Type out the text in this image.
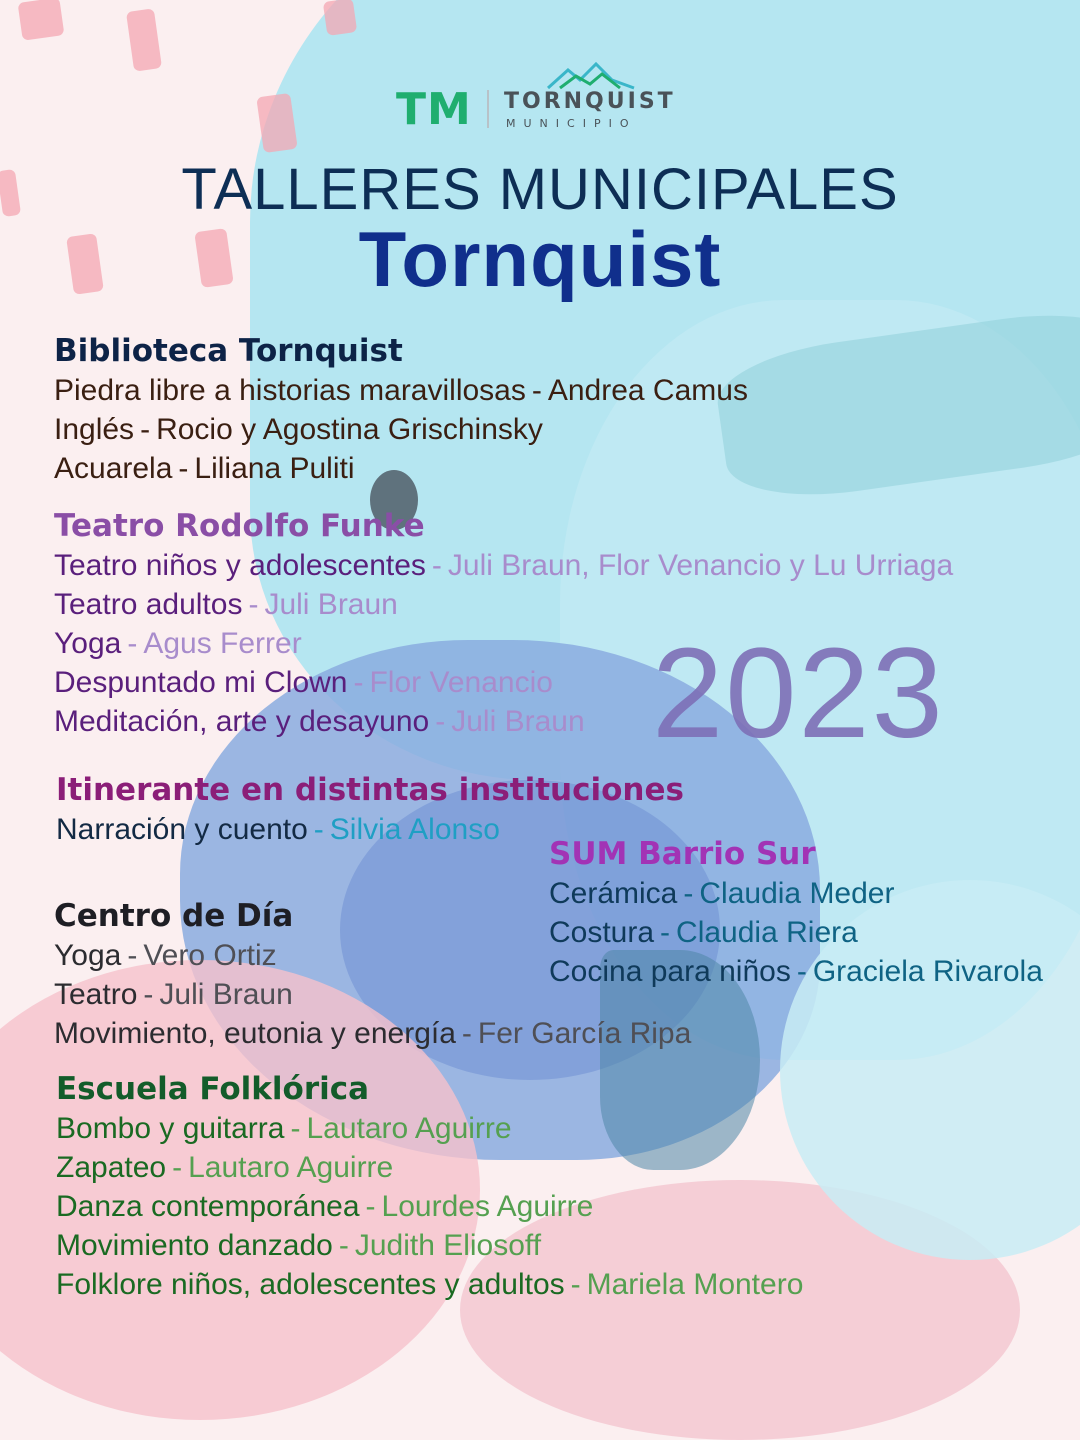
TM TORNQUIST
MUNICIPIO
TALLERES MUNICIPALES
Tornquist
2023
Biblioteca Tornquist
Piedra libre a historias maravillosas - Andrea Camus
Inglés - Rocio y Agostina Grischinsky
Acuarela - Liliana Puliti
Teatro Rodolfo Funke
Teatro niños y adolescentes - Juli Braun, Flor Venancio y Lu Urriaga
Teatro adultos - Juli Braun
Yoga - Agus Ferrer
Despuntado mi Clown - Flor Venancio
Meditación, arte y desayuno - Juli Braun
Itinerante en distintas instituciones
Narración y cuento - Silvia Alonso
SUM Barrio Sur
Cerámica - Claudia Meder
Costura - Claudia Riera
Cocina para niños - Graciela Rivarola
Centro de Día
Yoga - Vero Ortiz
Teatro - Juli Braun
Movimiento, eutonia y energía - Fer García Ripa
Escuela Folklórica
Bombo y guitarra - Lautaro Aguirre
Zapateo - Lautaro Aguirre
Danza contemporánea - Lourdes Aguirre
Movimiento danzado - Judith Eliosoff
Folklore niños, adolescentes y adultos - Mariela Montero
